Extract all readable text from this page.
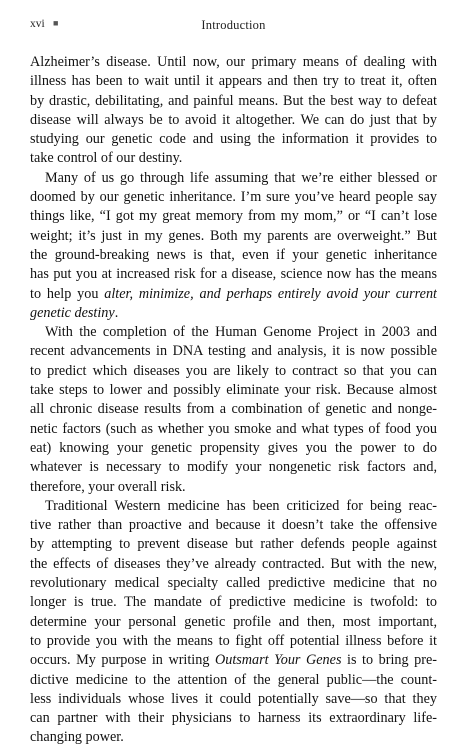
xvi ■	Introduction

Alzheimer’s disease. Until now, our primary means of dealing with
illness has been to wait until it appears and then try to treat it, often
by drastic, debilitating, and painful means. But the best way to defeat
disease will always be to avoid it altogether. We can do just that by
studying our genetic code and using the information it provides to
take control of our destiny.

Many of us go through life assuming that we’re either blessed or
doomed by our genetic inheritance. I’m sure you’ve heard people say
things like, “I got my great memory from my mom,” or “I can’t lose
weight; it’s just in my genes. Both my parents are overweight.” But
the ground-breaking news is that, even if your genetic inheritance
has put you at increased risk for a disease, science now has the means
to help you alter, minimize, and perhaps entirely avoid your current
genetic destiny.

With the completion of the Human Genome Project in 2003 and
recent advancements in DNA testing and analysis, it is now possible
to predict which diseases you are likely to contract so that you can
take steps to lower and possibly eliminate your risk. Because almost
all chronic disease results from a combination of genetic and nonge-
netic factors (such as whether you smoke and what types of food you
eat) knowing your genetic propensity gives you the power to do
whatever is necessary to modify your nongenetic risk factors and,
therefore, your overall risk.

Traditional Western medicine has been criticized for being reac-
tive rather than proactive and because it doesn’t take the offensive
by attempting to prevent disease but rather defends people against
the effects of diseases they’ve already contracted. But with the new,
revolutionary medical specialty called predictive medicine that no
longer is true. The mandate of predictive medicine is twofold: to
determine your personal genetic profile and then, most important,
to provide you with the means to fight off potential illness before it
occurs. My purpose in writing Outsmart Your Genes is to bring pre-
dictive medicine to the attention of the general public—the count-
less individuals whose lives it could potentially save—so that they
can partner with their physicians to harness its extraordinary life-
changing power.
